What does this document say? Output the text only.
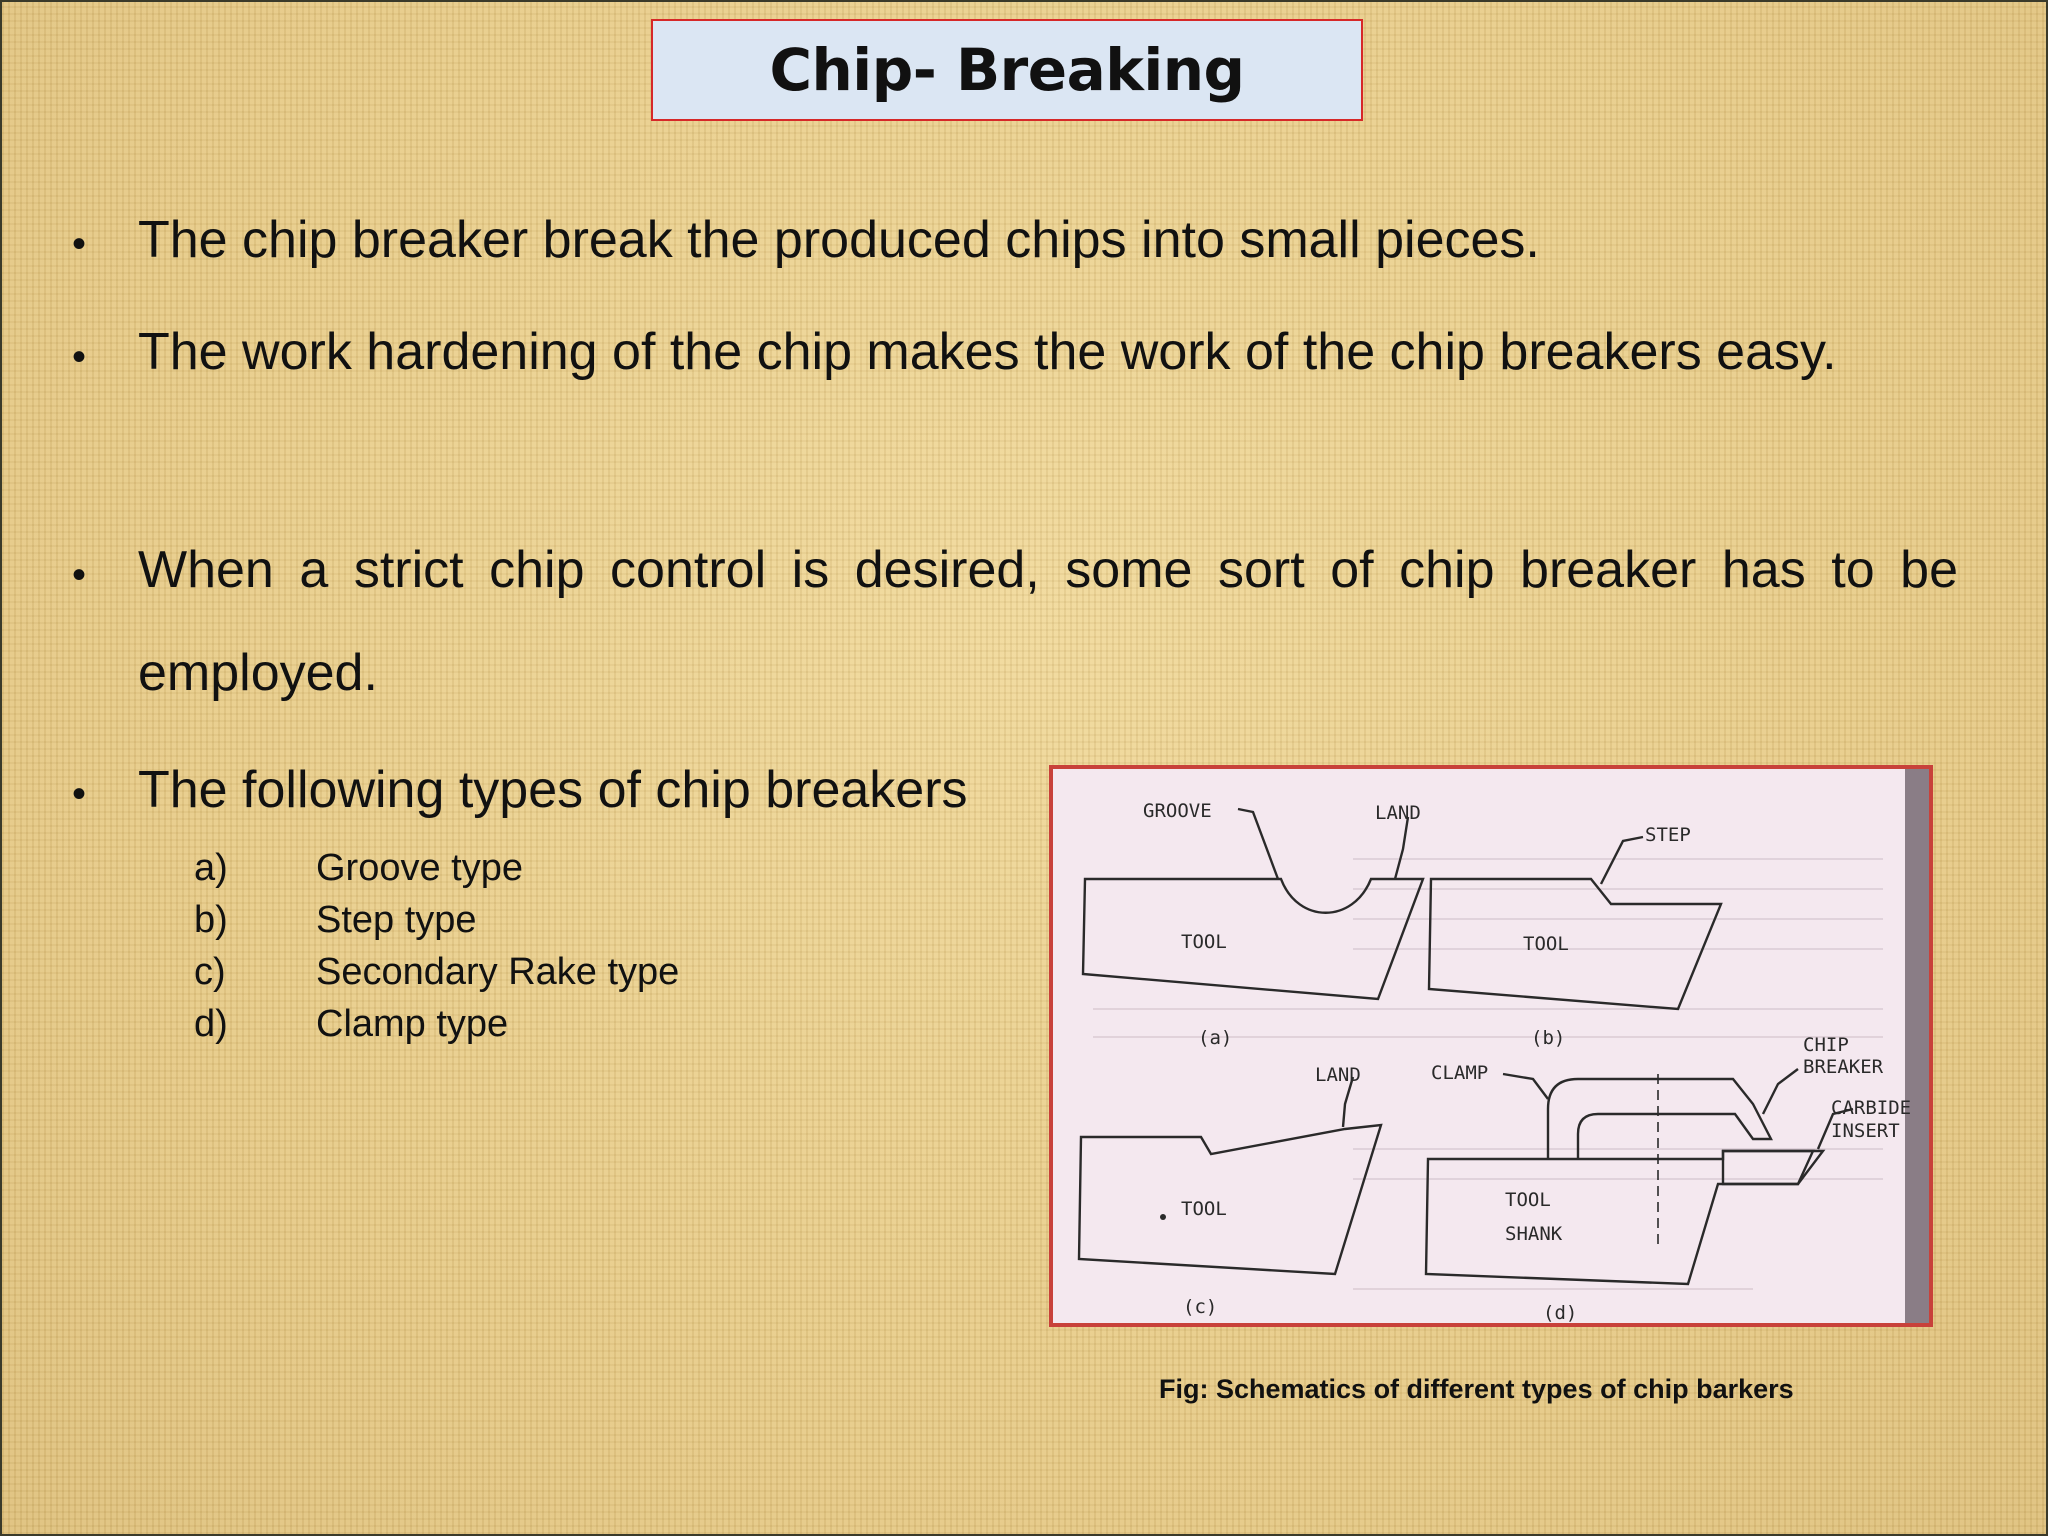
Chip- Breaking
• The chip breaker break the produced chips into small pieces.
• The work hardening of the chip makes the work of the chip breakers easy.
• When a strict chip control is desired, some sort of chip breaker has to be employed.
• The following types of chip breakers
a)	Groove type
b)	Step type
c)	Secondary Rake type
d)	Clamp type
GROOVE	LAND
TOOL
(a)
STEP
TOOL
(b)
LAND
TOOL
(c)
CLAMP
CHIP
BREAKER
CARBIDE
INSERT
TOOL
SHANK
(d)
Fig: Schematics of different types of chip barkers
